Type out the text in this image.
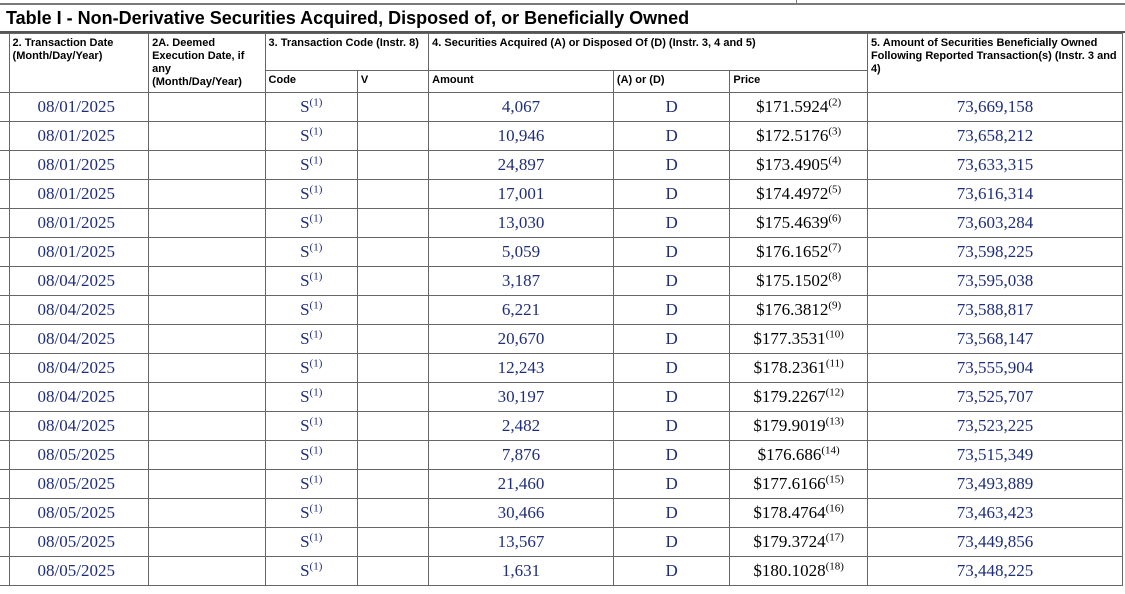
Table I - Non-Derivative Securities Acquired, Disposed of, or Beneficially Owned
	2. Transaction Date (Month/Day/Year)	2A. Deemed Execution Date, if any (Month/Day/Year)	3. Transaction Code (Instr. 8)		4. Securities Acquired (A) or Disposed Of (D) (Instr. 3, 4 and 5)			5. Amount of Securities Beneficially Owned Following Reported Transaction(s) (Instr. 3 and 4)
			Code	V	Amount	(A) or (D)	Price	
	08/01/2025		$S^{(1)}$		4,067	D	$171.5924$^{(2)}$	73,669,158
	08/01/2025		$S^{(1)}$		10,946	D	$172.5176$^{(3)}$	73,658,212
	08/01/2025		$S^{(1)}$		24,897	D	$173.4905$^{(4)}$	73,633,315
	08/01/2025		$S^{(1)}$		17,001	D	$174.4972$^{(5)}$	73,616,314
	08/01/2025		$S^{(1)}$		13,030	D	$175.4639$^{(6)}$	73,603,284
	08/01/2025		$S^{(1)}$		5,059	D	$176.1652$^{(7)}$	73,598,225
	08/04/2025		$S^{(1)}$		3,187	D	$175.1502$^{(8)}$	73,595,038
	08/04/2025		$S^{(1)}$		6,221	D	$176.3812$^{(9)}$	73,588,817
	08/04/2025		$S^{(1)}$		20,670	D	$177.3531$^{(10)}$	73,568,147
	08/04/2025		$S^{(1)}$		12,243	D	$178.2361$^{(11)}$	73,555,904
	08/04/2025		$S^{(1)}$		30,197	D	$179.2267$^{(12)}$	73,525,707
	08/04/2025		$S^{(1)}$		2,482	D	$179.9019$^{(13)}$	73,523,225
	08/05/2025		$S^{(1)}$		7,876	D	$176.686$^{(14)}$	73,515,349
	08/05/2025		$S^{(1)}$		21,460	D	$177.6166$^{(15)}$	73,493,889
	08/05/2025		$S^{(1)}$		30,466	D	$178.4764$^{(16)}$	73,463,423
	08/05/2025		$S^{(1)}$		13,567	D	$179.3724$^{(17)}$	73,449,856
	08/05/2025		$S^{(1)}$		1,631	D	$180.1028$^{(18)}$	73,448,225
